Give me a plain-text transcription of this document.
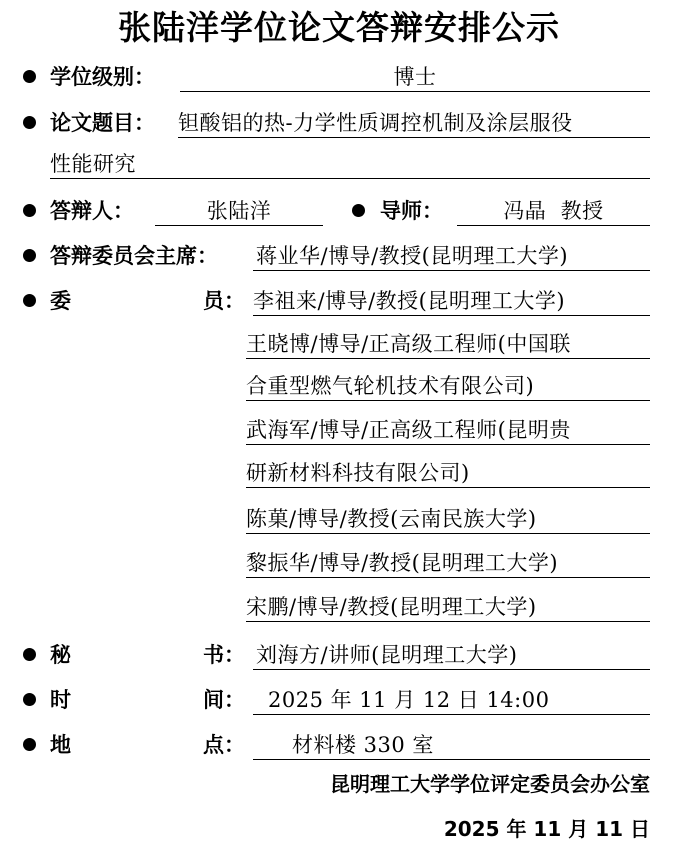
张陆洋学位论文答辩安排公示
学位级别：	博士
论文题目： 钽酸铝的热-力学性质调控机制及涂层服役
性能研究
答辩人：	张陆洋	导师：	冯晶  教授
答辩委员会主席： 蒋业华/博导/教授(昆明理工大学)
委	员： 李祖来/博导/教授(昆明理工大学)
王晓博/博导/正高级工程师(中国联
合重型燃气轮机技术有限公司)
武海军/博导/正高级工程师(昆明贵
研新材料科技有限公司)
陈菓/博导/教授(云南民族大学)
黎振华/博导/教授(昆明理工大学)
宋鹏/博导/教授(昆明理工大学)
秘	书： 刘海方/讲师(昆明理工大学)
时	间： 2025 年 11 月 12 日 14:00
地	点： 材料楼 330 室
昆明理工大学学位评定委员会办公室
2025 年 11 月 11 日
